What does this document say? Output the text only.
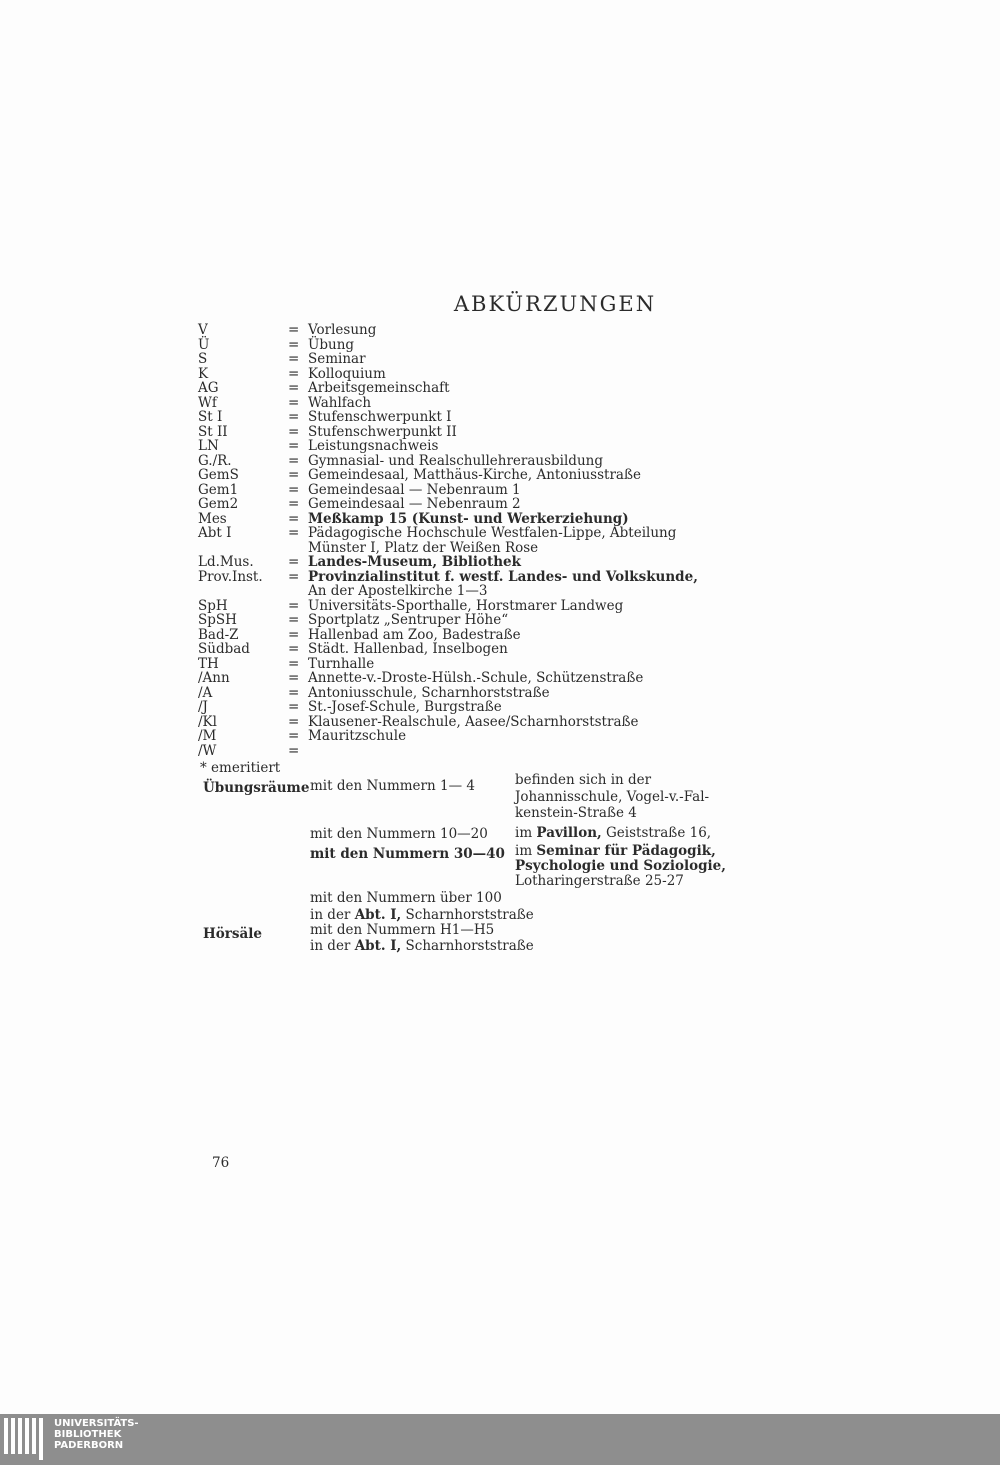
ABKÜRZUNGEN
V	= Vorlesung
Ü	= Übung
S	= Seminar
K	= Kolloquium
AG	= Arbeitsgemeinschaft
Wf	= Wahlfach
St I	= Stufenschwerpunkt I
St II	= Stufenschwerpunkt II
LN	= Leistungsnachweis
G./R.	= Gymnasial- und Realschullehrerausbildung
GemS	= Gemeindesaal, Matthäus-Kirche, Antoniusstraße
Gem1	= Gemeindesaal — Nebenraum 1
Gem2	= Gemeindesaal — Nebenraum 2
Mes	= Meßkamp 15 (Kunst- und Werkerziehung)
Abt I	= Pädagogische Hochschule Westfalen-Lippe, Abteilung
Münster I, Platz der Weißen Rose
Ld.Mus.	= Landes-Museum, Bibliothek
Prov.Inst. = Provinzialinstitut f. westf. Landes- und Volkskunde,
An der Apostelkirche 1—3
SpH	= Universitäts-Sporthalle, Horstmarer Landweg
SpSH	= Sportplatz „Sentruper Höhe“
Bad-Z	= Hallenbad am Zoo, Badestraße
Südbad	= Städt. Hallenbad, Inselbogen
TH	= Turnhalle
/Ann	= Annette-v.-Droste-Hülsh.-Schule, Schützenstraße
/A	= Antoniusschule, Scharnhorststraße
/J	= St.-Josef-Schule, Burgstraße
/Kl	= Klausener-Realschule, Aasee/Scharnhorststraße
/M	= Mauritzschule
/W	=
* emeritiert
Übungsräume mit den Nummern 1— 4	befinden sich in der
Johannisschule, Vogel-v.-Fal-
kenstein-Straße 4
mit den Nummern 10—20 im Pavillon, Geiststraße 16,
mit den Nummern 30—40 im Seminar für Pädagogik,
Psychologie und Soziologie,
Lotharingerstraße 25-27
mit den Nummern über 100
in der Abt. I, Scharnhorststraße
Hörsäle	mit den Nummern H1—H5
in der Abt. I, Scharnhorststraße
76
UNIVERSITÄTS-
BIBLIOTHEK
PADERBORN
